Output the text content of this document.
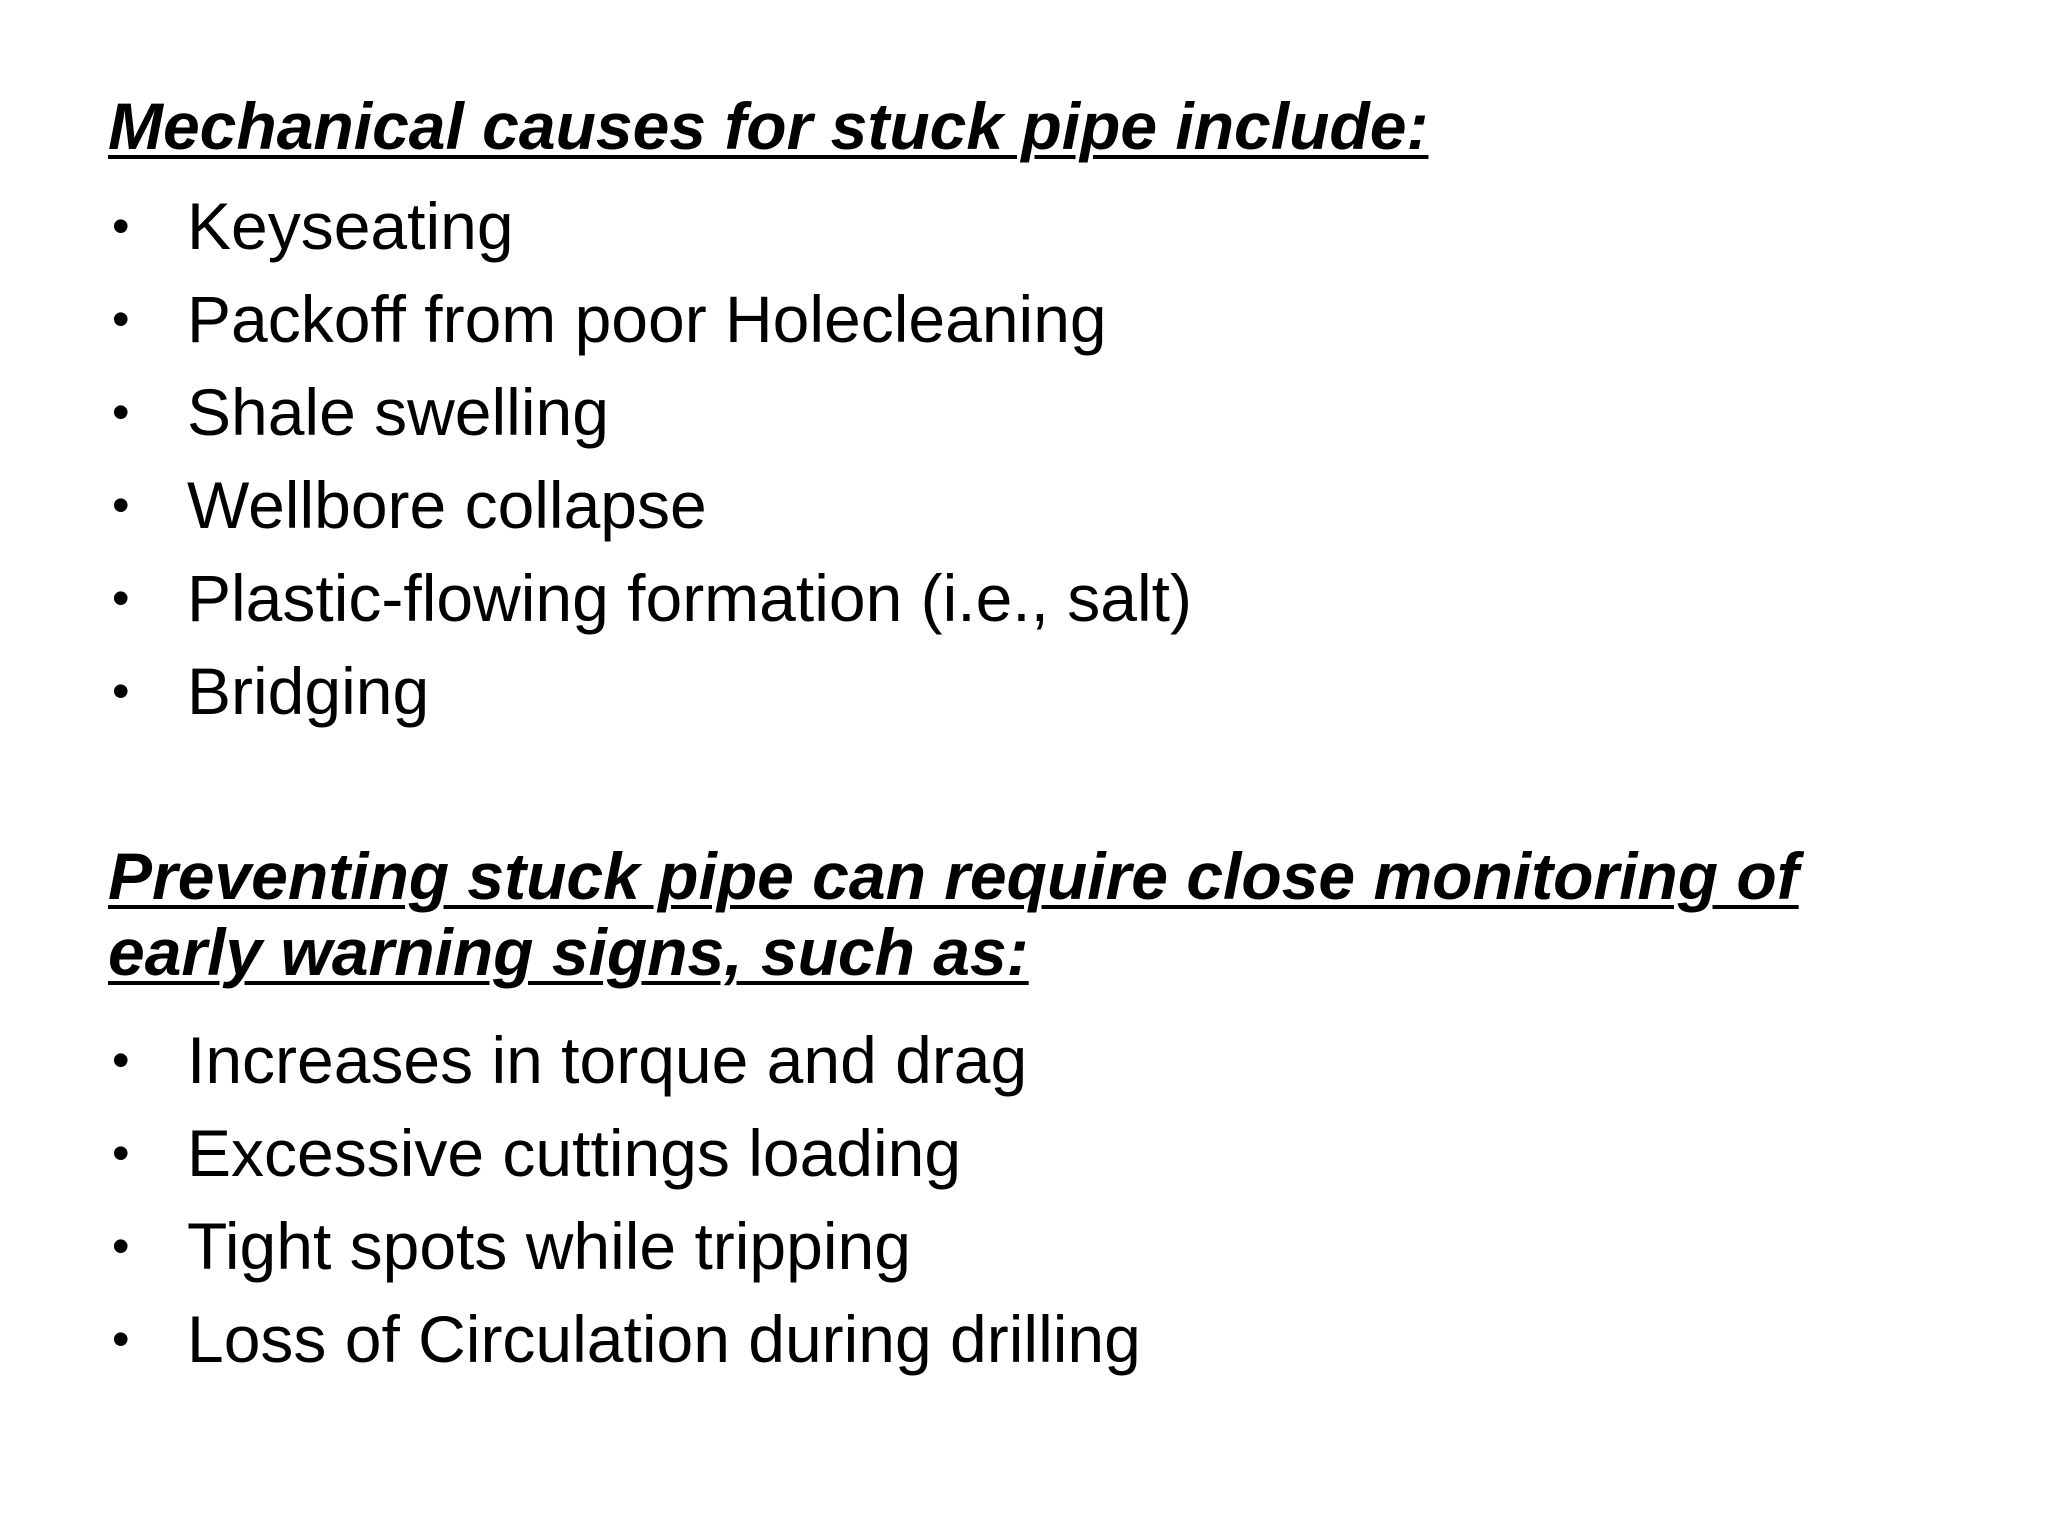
Mechanical causes for stuck pipe include:
• Keyseating
• Packoff from poor Holecleaning
• Shale swelling
• Wellbore collapse
• Plastic-flowing formation (i.e., salt)
• Bridging
Preventing stuck pipe can require close monitoring of
early warning signs, such as:
• Increases in torque and drag
• Excessive cuttings loading
• Tight spots while tripping
• Loss of Circulation during drilling
